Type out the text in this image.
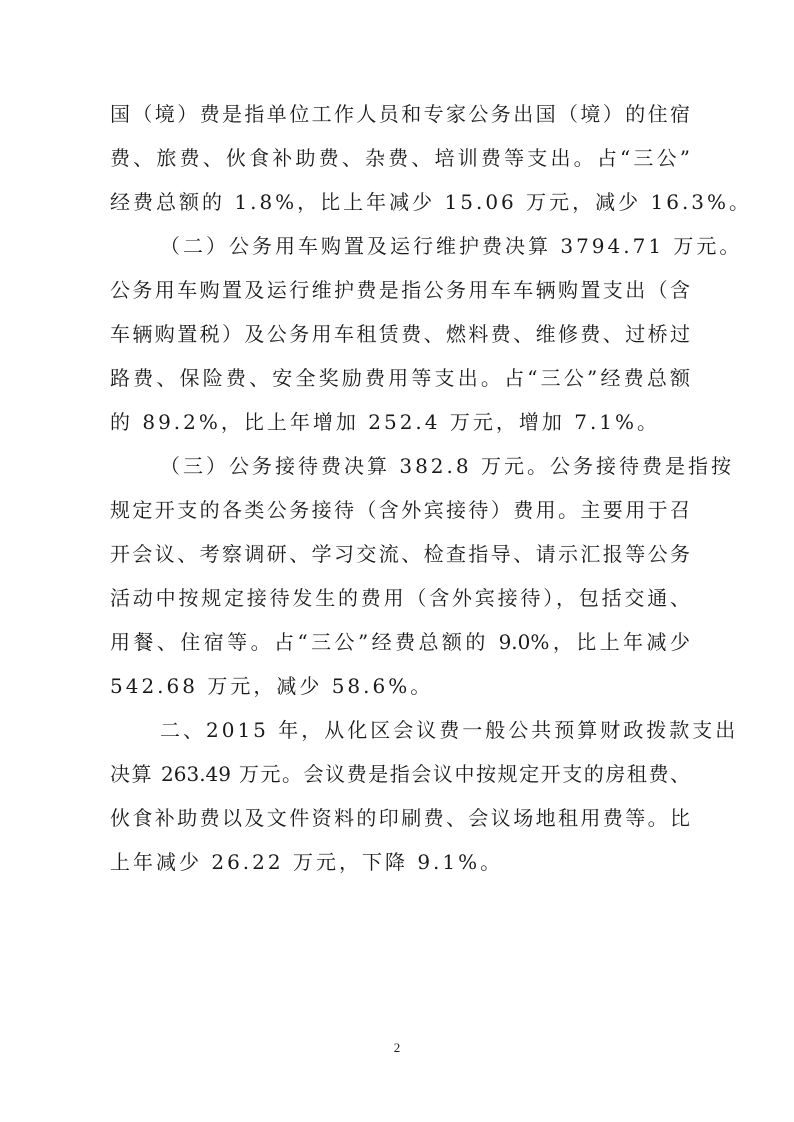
国（境）费是指单位工作人员和专家公务出国（境）的住宿
费、旅费、伙食补助费、杂费、培训费等支出。占“三公”
经费总额的 1.8%，比上年减少 15.06 万元，减少 16.3%。
（二）公务用车购置及运行维护费决算 3794.71 万元。
公务用车购置及运行维护费是指公务用车车辆购置支出（含
车辆购置税）及公务用车租赁费、燃料费、维修费、过桥过
路费、保险费、安全奖励费用等支出。占“三公”经费总额
的 89.2%，比上年增加 252.4 万元，增加 7.1%。
（三）公务接待费决算 382.8 万元。公务接待费是指按
规定开支的各类公务接待（含外宾接待）费用。主要用于召
开会议、考察调研、学习交流、检查指导、请示汇报等公务
活动中按规定接待发生的费用（含外宾接待），包括交通、
用餐、住宿等。占“三公”经费总额的 9.0%，比上年减少
542.68 万元，减少 58.6%。
二、2015 年，从化区会议费一般公共预算财政拨款支出
决算 263.49 万元。会议费是指会议中按规定开支的房租费、
伙食补助费以及文件资料的印刷费、会议场地租用费等。比
上年减少 26.22 万元，下降 9.1%。
2
